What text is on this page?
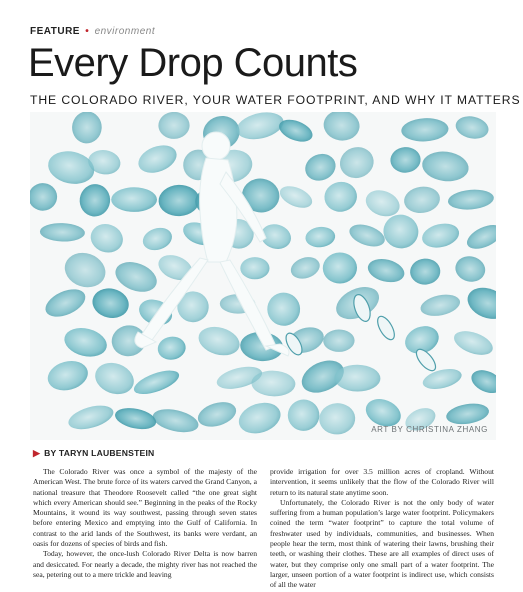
FEATURE • environment
Every Drop Counts
THE COLORADO RIVER, YOUR WATER FOOTPRINT, AND WHY IT MATTERS
ART BY CHRISTINA ZHANG
▶ BY TARYN LAUBENSTEIN

The Colorado River was once a symbol of the majesty of the American West. The brute force of its waters carved the Grand Canyon, a national treasure that Theodore Roosevelt called “the one great sight which every American should see.” Beginning in the peaks of the Rocky Mountains, it wound its way southwest, passing through seven states before entering Mexico and emptying into the Gulf of California. In contrast to the arid lands of the Southwest, its banks were verdant, an oasis for dozens of species of birds and fish.

Today, however, the once-lush Colorado River Delta is now barren and desiccated. For nearly a decade, the mighty river has not reached the sea, petering out to a mere trickle and leaving

provide irrigation for over 3.5 million acres of cropland. Without intervention, it seems unlikely that the flow of the Colorado River will return to its natural state anytime soon.

Unfortunately, the Colorado River is not the only body of water suffering from a human population’s large water footprint. Policymakers coined the term “water footprint” to capture the total volume of freshwater used by individuals, communities, and businesses. When people hear the term, most think of watering their lawns, brushing their teeth, or washing their clothes. These are all examples of direct uses of water, but they comprise only one small part of a water footprint. The larger, unseen portion of a water footprint is indirect use, which consists of all the water
